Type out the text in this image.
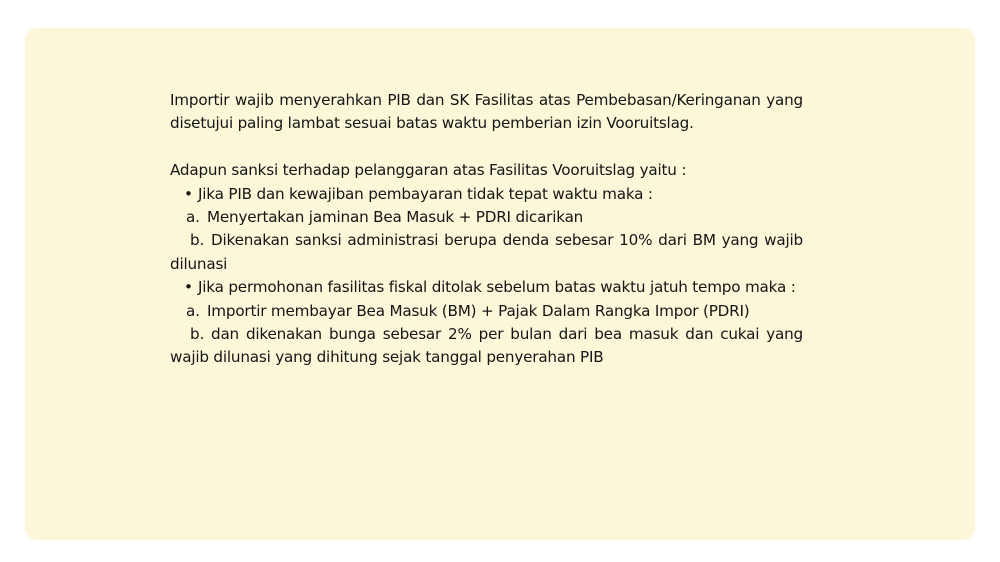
Importir wajib menyerahkan PIB dan SK Fasilitas atas Pembebasan/Keringanan yang disetujui paling lambat sesuai batas waktu pemberian izin Vooruitslag.

Adapun sanksi terhadap pelanggaran atas Fasilitas Vooruitslag yaitu :

• Jika PIB dan kewajiban pembayaran tidak tepat waktu maka :
a. Menyertakan jaminan Bea Masuk + PDRI dicarikan
b. Dikenakan sanksi administrasi berupa denda sebesar 10% dari BM yang wajib dilunasi
• Jika permohonan fasilitas fiskal ditolak sebelum batas waktu jatuh tempo maka :
a. Importir membayar Bea Masuk (BM) + Pajak Dalam Rangka Impor (PDRI)
b. dan dikenakan bunga sebesar 2% per bulan dari bea masuk dan cukai yang wajib dilunasi yang dihitung sejak tanggal penyerahan PIB
